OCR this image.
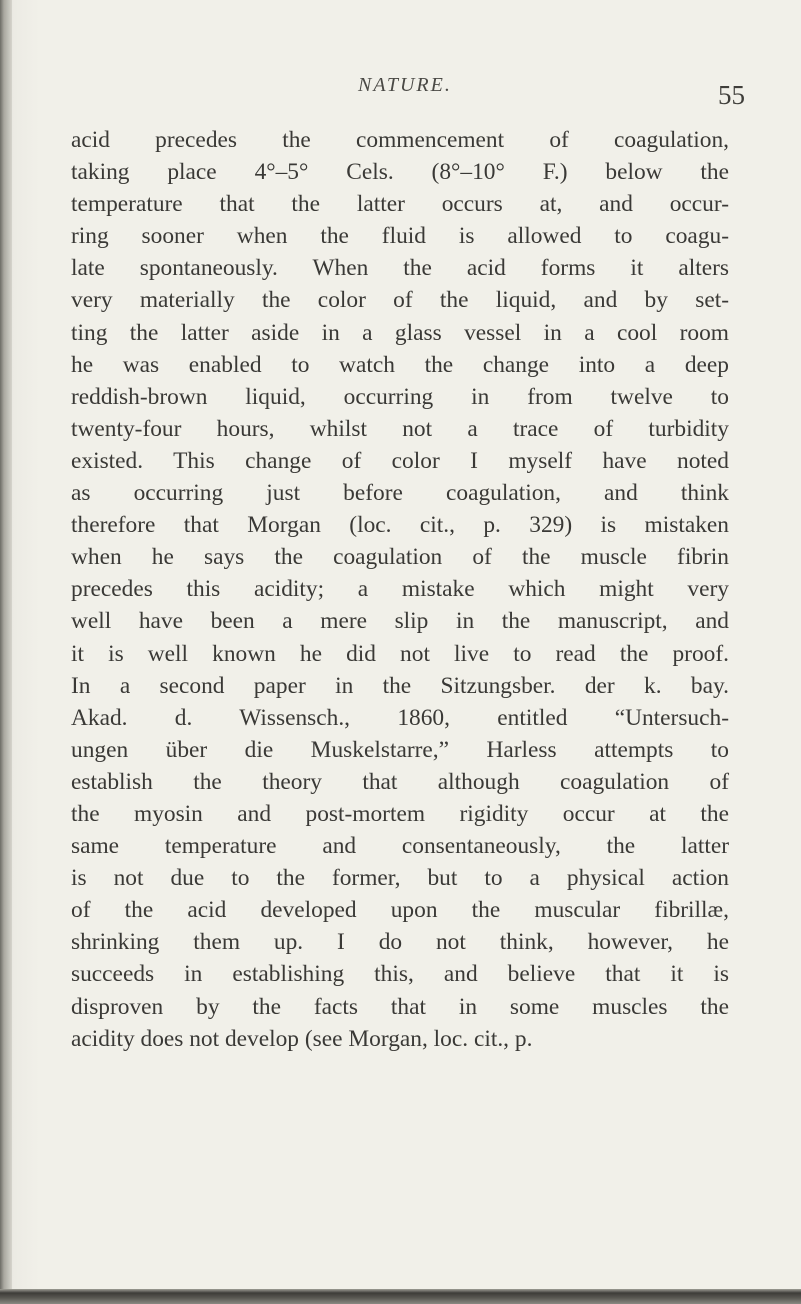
NATURE.	55
acid precedes the commencement of coagulation,
taking place 4°–5° Cels. (8°–10° F.) below the
temperature that the latter occurs at, and occur-
ring sooner when the fluid is allowed to coagu-
late spontaneously. When the acid forms it alters
very materially the color of the liquid, and by set-
ting the latter aside in a glass vessel in a cool room
he was enabled to watch the change into a deep
reddish-brown liquid, occurring in from twelve to
twenty-four hours, whilst not a trace of turbidity
existed. This change of color I myself have noted
as occurring just before coagulation, and think
therefore that Morgan (loc. cit., p. 329) is mistaken
when he says the coagulation of the muscle fibrin
precedes this acidity; a mistake which might very
well have been a mere slip in the manuscript, and
it is well known he did not live to read the proof.
In a second paper in the Sitzungsber. der k. bay.
Akad. d. Wissensch., 1860, entitled “Untersuch-
ungen über die Muskelstarre,” Harless attempts to
establish the theory that although coagulation of
the myosin and post-mortem rigidity occur at the
same temperature and consentaneously, the latter
is not due to the former, but to a physical action
of the acid developed upon the muscular fibrillæ,
shrinking them up. I do not think, however, he
succeeds in establishing this, and believe that it is
disproven by the facts that in some muscles the
acidity does not develop (see Morgan, loc. cit., p.
